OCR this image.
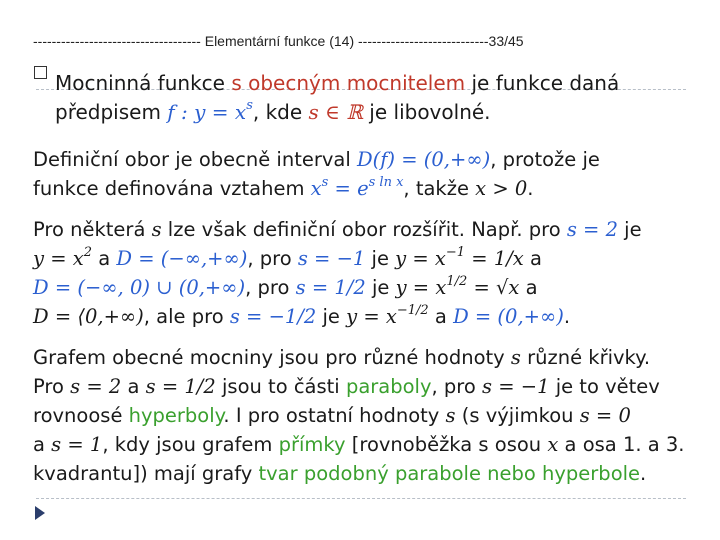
------------------------------------ Elementární funkce (14) ----------------------------33/45
Mocninná funkce s obecným mocnitelem je funkce daná
předpisem f : $y = x^s$, kde s ∈ ℝ je libovolné.
Definiční obor je obecně interval D(f) = (0,+∞), protože je
funkce definována vztahem $x^s = e^{s ln x}$, takže x > 0.
Pro některá s lze však definiční obor rozšířit. Např. pro s = 2 je
$y = x^2$ a D = (−∞,+∞), pro s = −1 je $y = x^{-1} = 1/x$ a
D = (−∞, 0) ∪ (0,+∞), pro s = 1/2 je $y = x^{1/2} = √x$ a
D = ⟨0,+∞), ale pro s = −1/2 je $y = x^{-1/2}$ a D = (0,+∞).
Grafem obecné mocniny jsou pro různé hodnoty s různé křivky.
Pro s = 2 a s = 1/2 jsou to části paraboly, pro s = −1 je to větev
rovnoosé hyperboly. I pro ostatní hodnoty s (s výjimkou s = 0
a s = 1, kdy jsou grafem přímky [rovnoběžka s osou x a osa 1. a 3.
kvadrantu]) mají grafy tvar podobný parabole nebo hyperbole.
